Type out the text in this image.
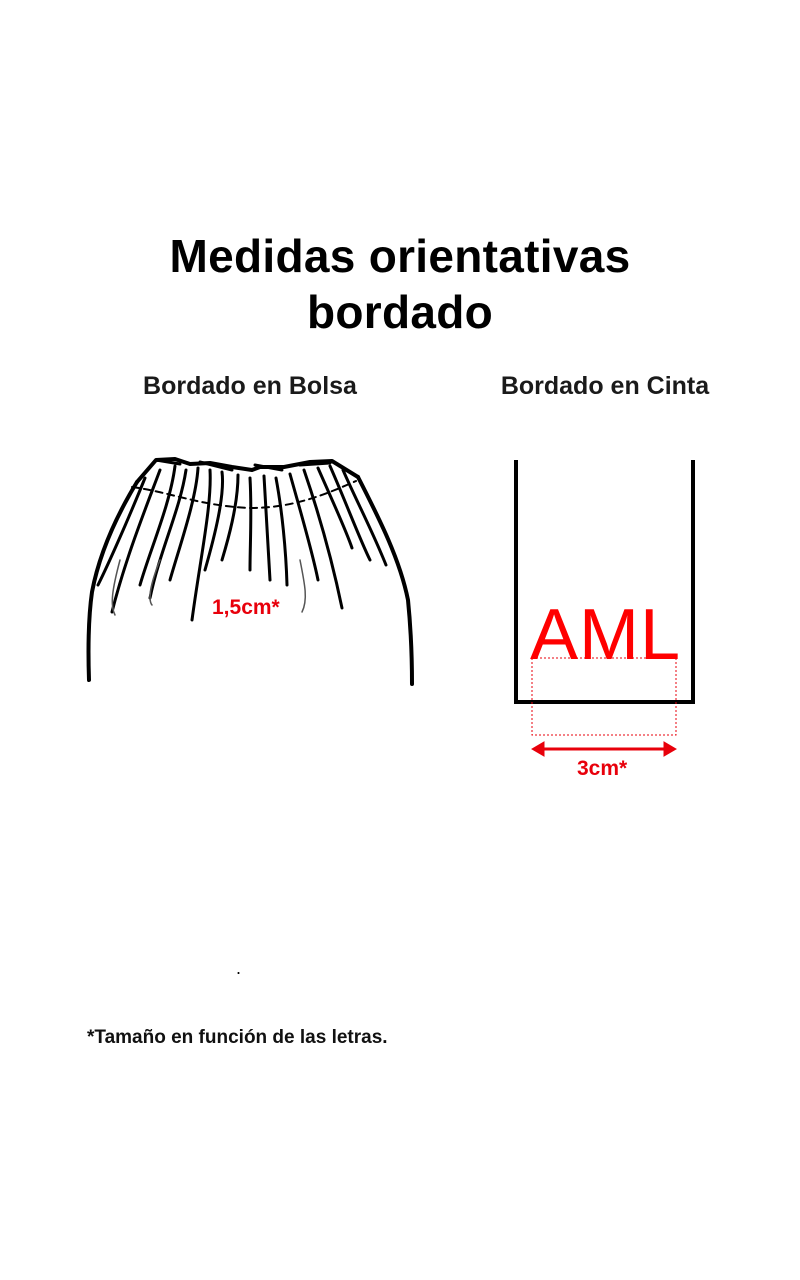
Medidas orientativas
bordado
Bordado en Bolsa	Bordado en Cinta
1,5cm*	AML
3cm*
.
*Tamaño en función de las letras.
